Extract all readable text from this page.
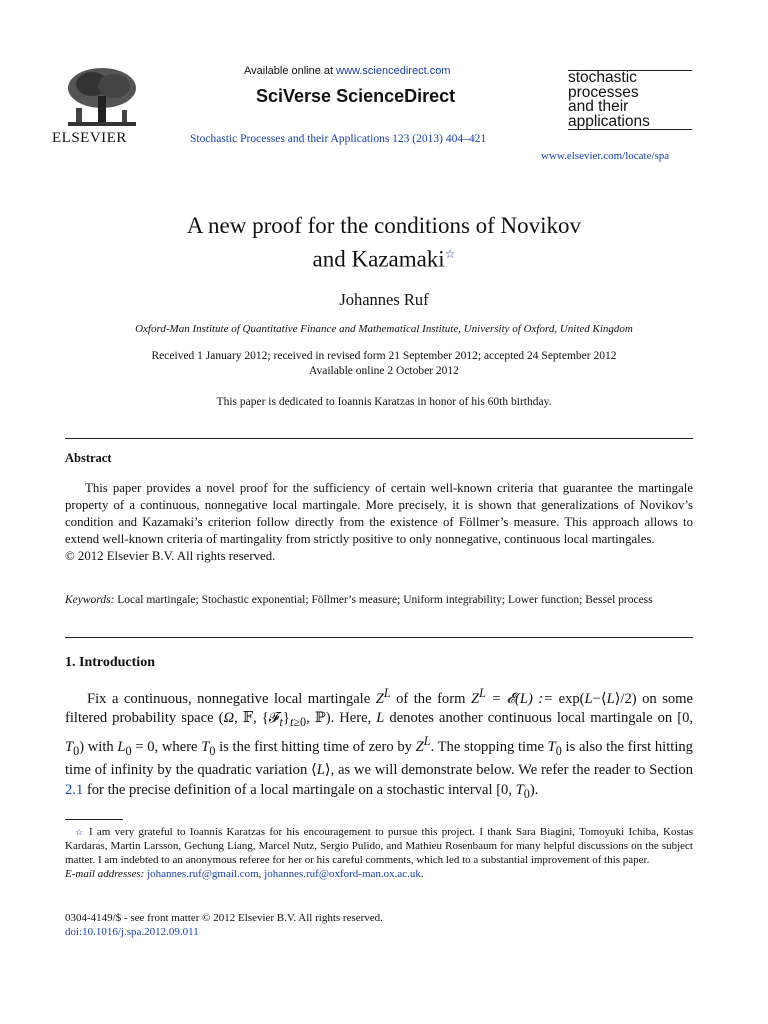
ELSEVIER
Available online at www.sciencedirect.com
SciVerse ScienceDirect
Stochastic Processes and their Applications 123 (2013) 404–421
stochastic
processes
and their
applications
www.elsevier.com/locate/spa
A new proof for the conditions of Novikov
and Kazamaki☆
Johannes Ruf
Oxford-Man Institute of Quantitative Finance and Mathematical Institute, University of Oxford, United Kingdom
Received 1 January 2012; received in revised form 21 September 2012; accepted 24 September 2012
Available online 2 October 2012
This paper is dedicated to Ioannis Karatzas in honor of his 60th birthday.
Abstract

This paper provides a novel proof for the sufficiency of certain well-known criteria that guarantee the martingale property of a continuous, nonnegative local martingale. More precisely, it is shown that generalizations of Novikov’s condition and Kazamaki’s criterion follow directly from the existence of Föllmer’s measure. This approach allows to extend well-known criteria of martingality from strictly positive to only nonnegative, continuous local martingales.

© 2012 Elsevier B.V. All rights reserved.

Keywords: Local martingale; Stochastic exponential; Föllmer’s measure; Uniform integrability; Lower function; Bessel process
1. Introduction

Fix a continuous, nonnegative local martingale $Z^L$ of the form $Z^L$ = 𝓔(L) := exp(L−⟨L⟩/2) on some filtered probability space (Ω, 𝔽, $\{𝓕_t\}_{t\ge 0}$, ℙ). Here, L denotes another continuous local martingale on [0, $T_0$) with $L_0 = 0$, where $T_0$ is the first hitting time of zero by $Z^L$. The stopping time $T_0$ is also the first hitting time of infinity by the quadratic variation ⟨L⟩, as we will demonstrate below. We refer the reader to Section 2.1 for the precise definition of a local martingale on a stochastic interval [0, $T_0$).

☆ I am very grateful to Ioannis Karatzas for his encouragement to pursue this project. I thank Sara Biagini, Tomoyuki Ichiba, Kostas Kardaras, Martin Larsson, Gechung Liang, Marcel Nutz, Sergio Pulido, and Mathieu Rosenbaum for many helpful discussions on the subject matter. I am indebted to an anonymous referee for her or his careful comments, which led to a substantial improvement of this paper.

E-mail addresses: johannes.ruf@gmail.com, johannes.ruf@oxford-man.ox.ac.uk.

0304-4149/$ - see front matter © 2012 Elsevier B.V. All rights reserved.
doi:10.1016/j.spa.2012.09.011
